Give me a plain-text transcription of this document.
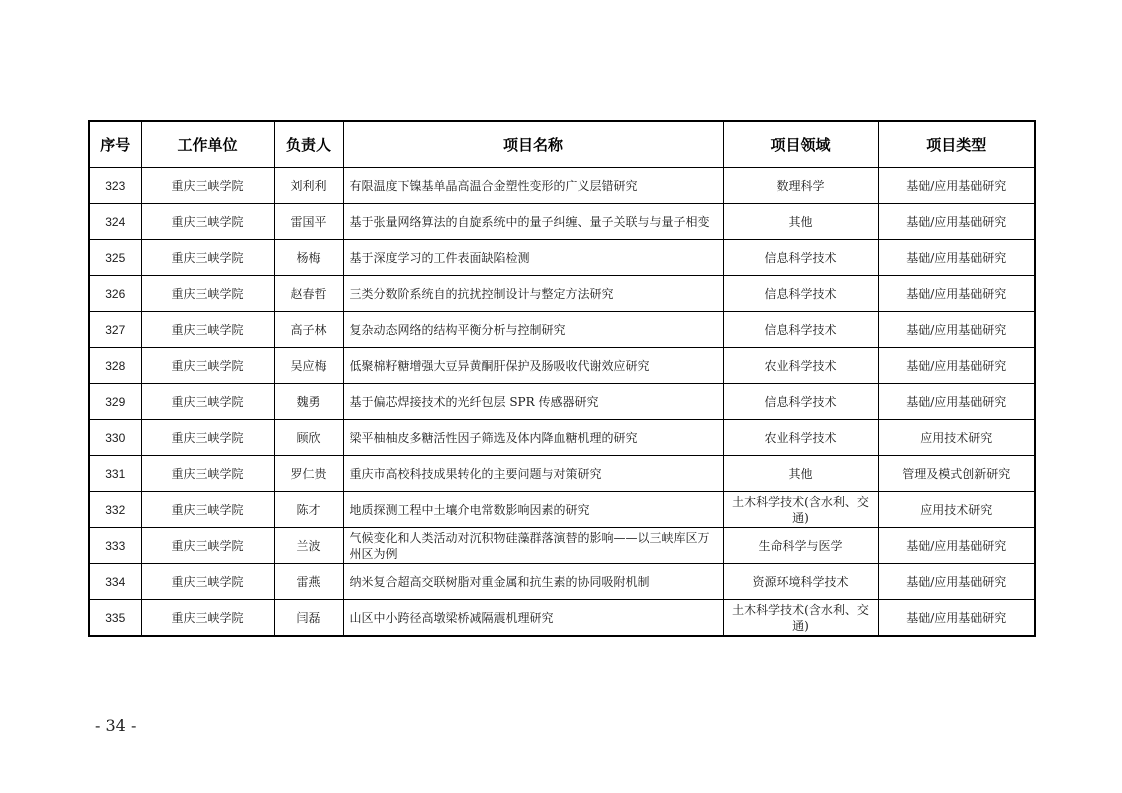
序号	工作单位	负责人	项目名称	项目领域	项目类型
323	重庆三峡学院	刘利利	有限温度下镍基单晶高温合金塑性变形的广义层错研究	数理科学	基础/应用基础研究
324	重庆三峡学院	雷国平	基于张量网络算法的自旋系统中的量子纠缠、量子关联与与量子相变	其他	基础/应用基础研究
325	重庆三峡学院	杨梅	基于深度学习的工件表面缺陷检测	信息科学技术	基础/应用基础研究
326	重庆三峡学院	赵春哲	三类分数阶系统自的抗扰控制设计与整定方法研究	信息科学技术	基础/应用基础研究
327	重庆三峡学院	高子林	复杂动态网络的结构平衡分析与控制研究	信息科学技术	基础/应用基础研究
328	重庆三峡学院	吴应梅	低聚棉籽糖增强大豆异黄酮肝保护及肠吸收代谢效应研究	农业科学技术	基础/应用基础研究
329	重庆三峡学院	魏勇	基于偏芯焊接技术的光纤包层 SPR 传感器研究	信息科学技术	基础/应用基础研究
330	重庆三峡学院	顾欣	梁平柚柚皮多糖活性因子筛选及体内降血糖机理的研究	农业科学技术	应用技术研究
331	重庆三峡学院	罗仁贵	重庆市高校科技成果转化的主要问题与对策研究	其他	管理及模式创新研究
332	重庆三峡学院	陈才	地质探测工程中土壤介电常数影响因素的研究	土木科学技术(含水利、交通)	应用技术研究
333	重庆三峡学院	兰波	气候变化和人类活动对沉积物硅藻群落演替的影响——以三峡库区万州区为例	生命科学与医学	基础/应用基础研究
334	重庆三峡学院	雷燕	纳米复合超高交联树脂对重金属和抗生素的协同吸附机制	资源环境科学技术	基础/应用基础研究
335	重庆三峡学院	闫磊	山区中小跨径高墩梁桥减隔震机理研究	土木科学技术(含水利、交通)	基础/应用基础研究
- 34 -
